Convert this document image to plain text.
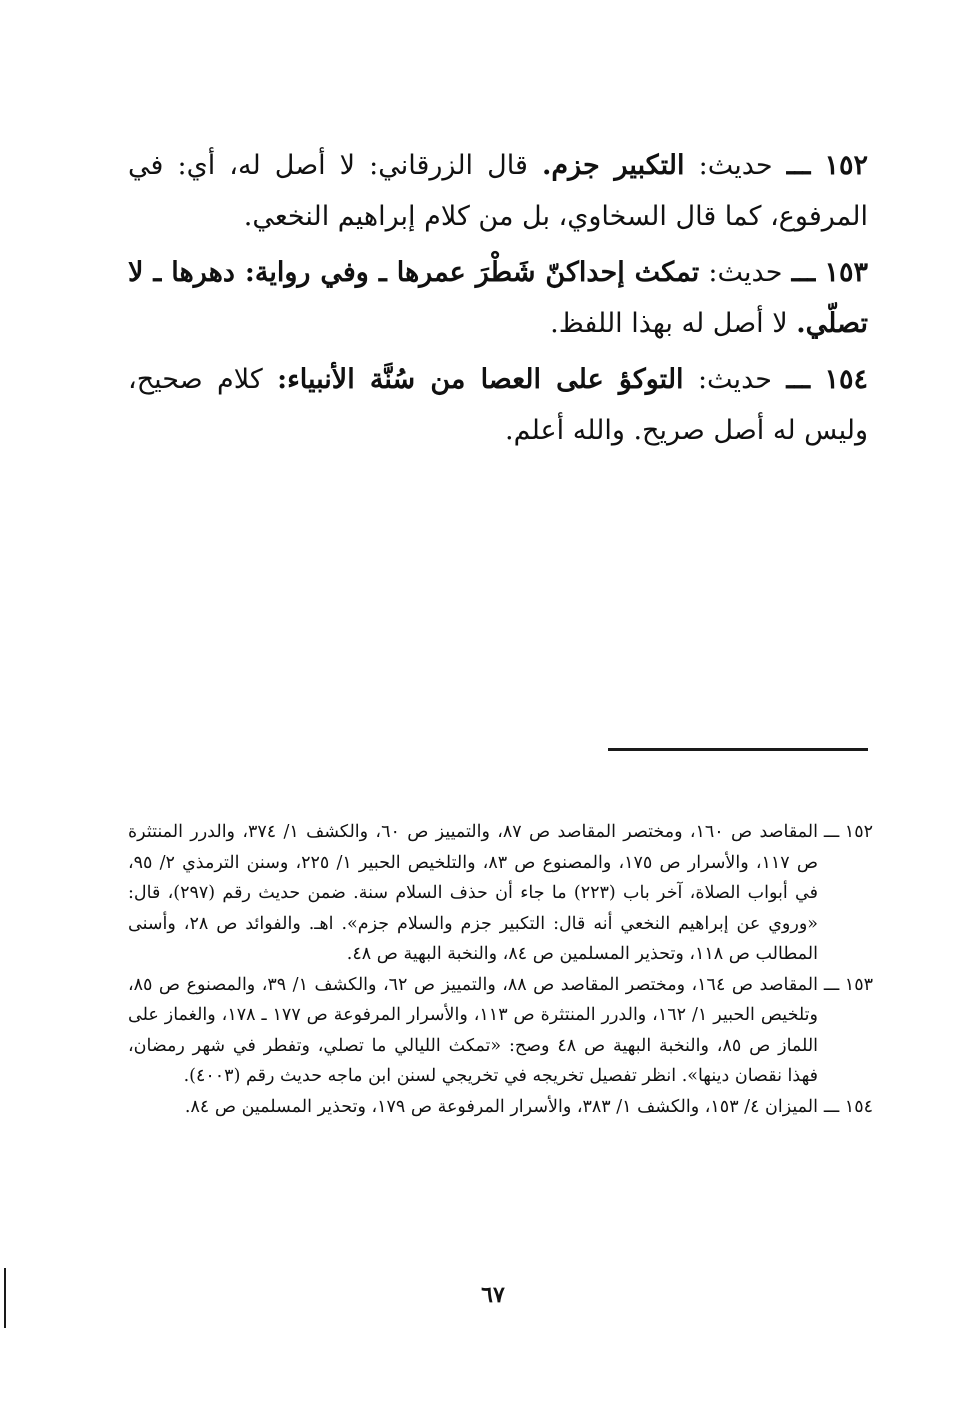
١٥٢ ـــ حديث: التكبير جزم. قال الزرقاني: لا أصل له، أي: في المرفوع، كما قال السخاوي، بل من كلام إبراهيم النخعي.

١٥٣ ـــ حديث: تمكث إحداكنّ شَطْرَ عمرها ـ وفي رواية: دهرها ـ لا تصلّي. لا أصل له بهذا اللفظ.

١٥٤ ـــ حديث: التوكؤ على العصا من سُنَّة الأنبياء: كلام صحيح، وليس له أصل صريح. والله أعلم.

١٥٢ ـــ
المقاصد ص ١٦٠، ومختصر المقاصد ص ٨٧، والتمييز ص ٦٠، والكشف ١/ ٣٧٤، والدرر المنتثرة ص ١١٧، والأسرار ص ١٧٥، والمصنوع ص ٨٣، والتلخيص الحبير ١/ ٢٢٥، وسنن الترمذي ٢/ ٩٥، في أبواب الصلاة، آخر باب (٢٢٣) ما جاء أن حذف السلام سنة. ضمن حديث رقم (٢٩٧)، قال: «وروي عن إبراهيم النخعي أنه قال: التكبير جزم والسلام جزم». اهـ. والفوائد ص ٢٨، وأسنى المطالب ص ١١٨، وتحذير المسلمين ص ٨٤، والنخبة البهية ص ٤٨.

١٥٣ ـــ
المقاصد ص ١٦٤، ومختصر المقاصد ص ٨٨، والتمييز ص ٦٢، والكشف ١/ ٣٩، والمصنوع ص ٨٥، وتلخيص الحبير ١/ ١٦٢، والدرر المنتثرة ص ١١٣، والأسرار المرفوعة ص ١٧٧ ـ ١٧٨، والغماز على اللماز ص ٨٥، والنخبة البهية ص ٤٨ وصح: «تمكث الليالي ما تصلي، وتفطر في شهر رمضان، فهذا نقصان دينها». انظر تفصيل تخريجه في تخريجي لسنن ابن ماجه حديث رقم (٤٠٠٣).

١٥٤ ـــ
الميزان ٤/ ١٥٣، والكشف ١/ ٣٨٣، والأسرار المرفوعة ص ١٧٩، وتحذير المسلمين ص ٨٤.

٦٧
